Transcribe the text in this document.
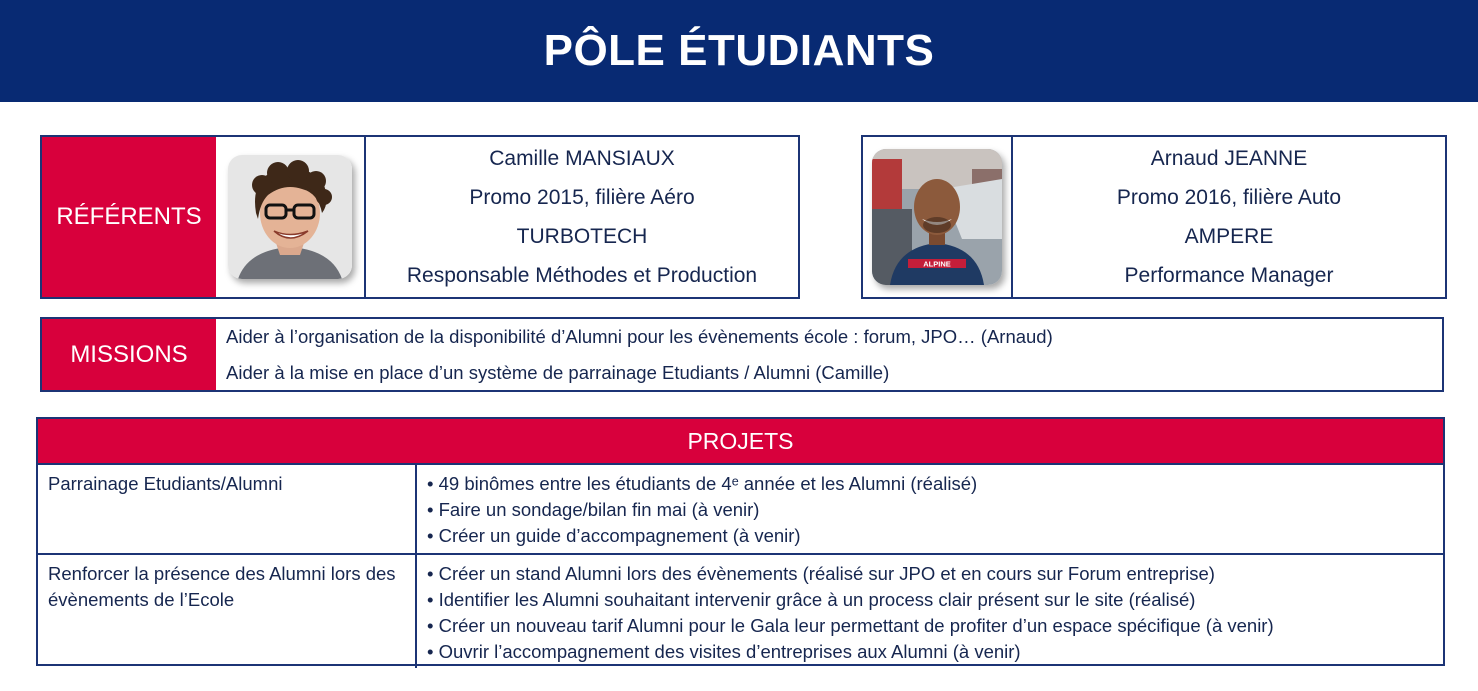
PÔLE ÉTUDIANTS
RÉFÉRENTS
Camille MANSIAUX
Promo 2015, filière Aéro
TURBOTECH
Responsable Méthodes et Production	ALPINE
Arnaud JEANNE
Promo 2016, filière Auto
AMPERE
Performance Manager
MISSIONS
Aider à l’organisation de la disponibilité d’Alumni pour les évènements école : forum, JPO… (Arnaud)
Aider à la mise en place d’un système de parrainage Etudiants / Alumni (Camille)
PROJETS
Parrainage Etudiants/Alumni	• 49 binômes entre les étudiants de 4ᵉ année et les Alumni (réalisé)
• Faire un sondage/bilan fin mai (à venir)
• Créer un guide d’accompagnement (à venir)
Renforcer la présence des Alumni lors des évènements de l’Ecole
• Créer un stand Alumni lors des évènements (réalisé sur JPO et en cours sur Forum entreprise)
• Identifier les Alumni souhaitant intervenir grâce à un process clair présent sur le site (réalisé)
• Créer un nouveau tarif Alumni pour le Gala leur permettant de profiter d’un espace spécifique (à venir)
• Ouvrir l’accompagnement des visites d’entreprises aux Alumni (à venir)
